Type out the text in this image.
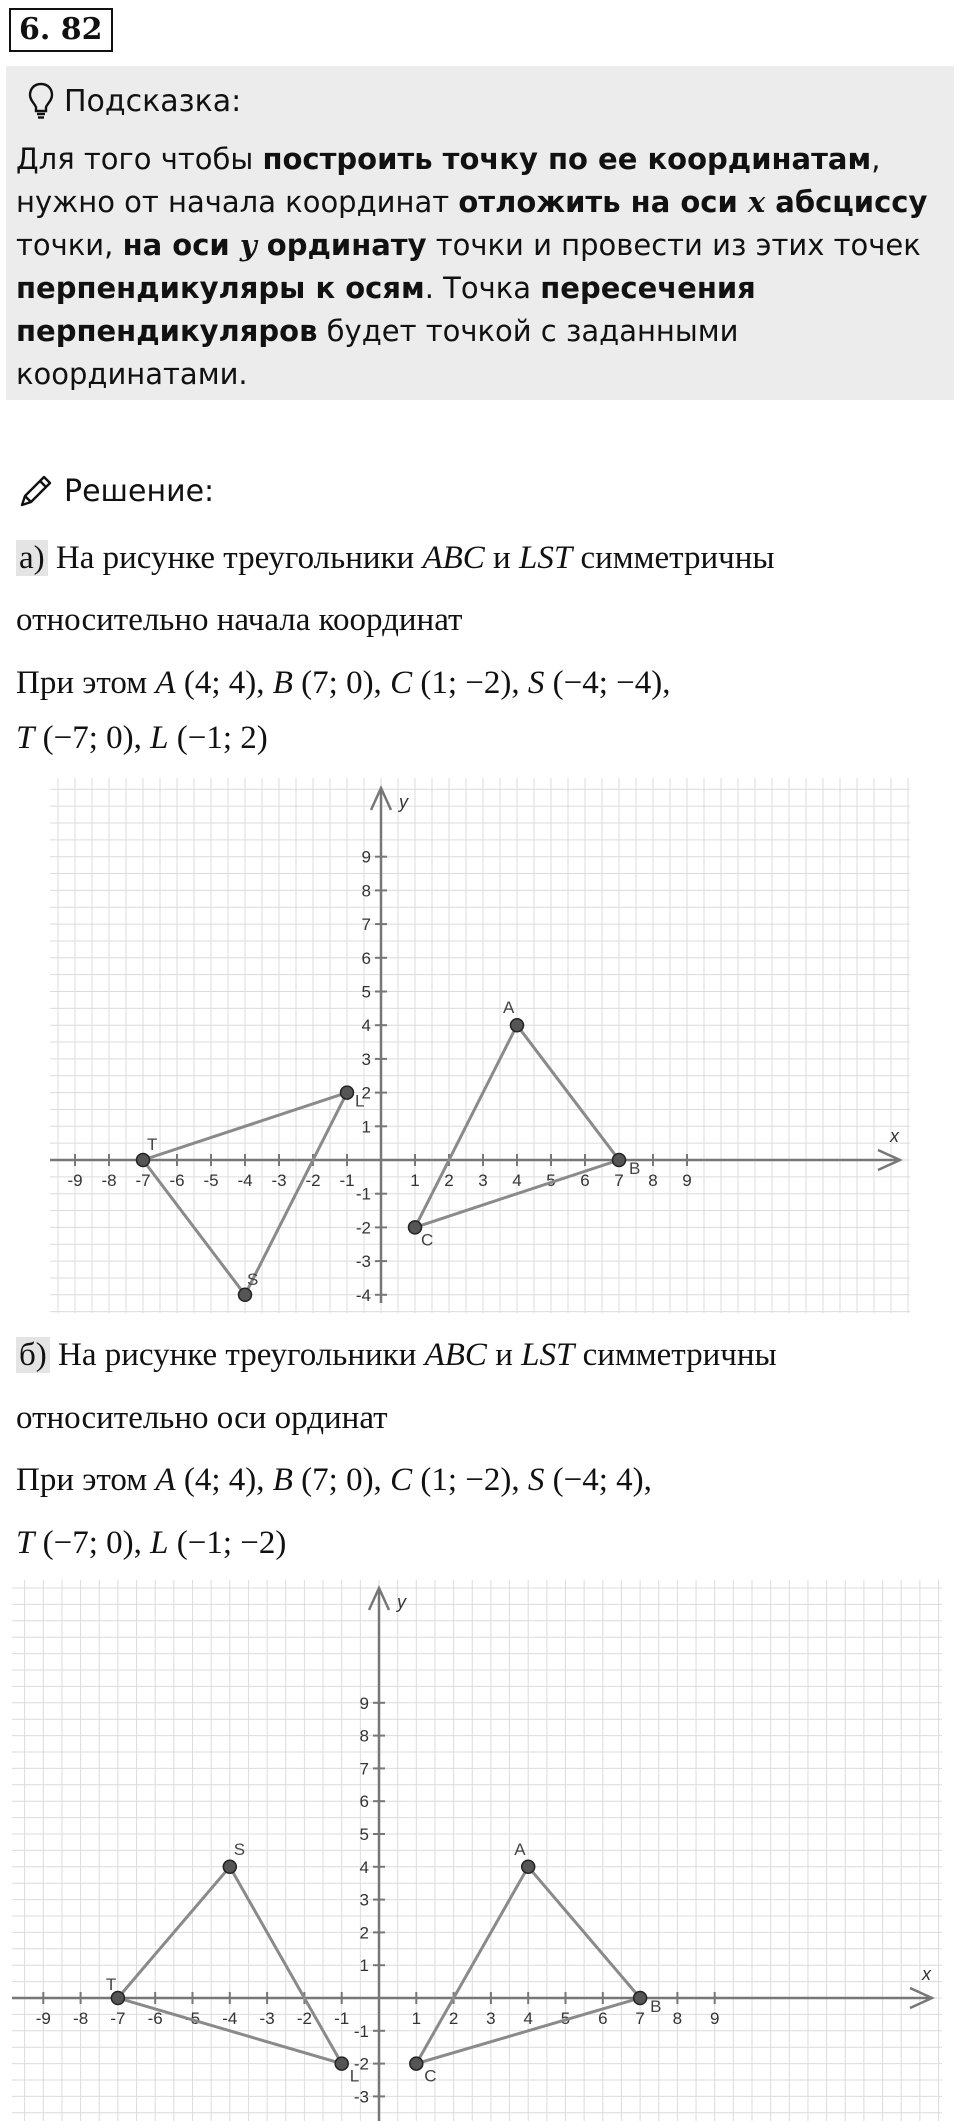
6. 82
Подсказка:
Для того чтобы построить точку по ее координатам, нужно от начала координат отложить на оси x абсциссу точки, на оси y ординату точки и провести из этих точек перпендикуляры к осям. Точка пересечения перпендикуляров будет точкой с заданными координатами.
Решение:
а) На рисунке треугольники ABC и LST симметричны
относительно начала координат
При этом A (4; 4), B (7; 0), C (1; −2), S (−4; −4),
T (−7; 0), L (−1; 2)
x
y
-9 -8 -7 -6 -5 -4 -3 -2 -1	1 2 3 4 5 6 7 8 9
9
8
7
6
5
4
3
2
1
-1
-2
-3
-4
A
B
C
L
S
T
б) На рисунке треугольники ABC и LST симметричны
относительно оси ординат
При этом A (4; 4), B (7; 0), C (1; −2), S (−4; 4),
T (−7; 0), L (−1; −2)
x
y
-9 -8 -7 -6 -5 -4 -3 -2 -1	1 2 3 4 5 6 7 8 9
9
8
7
6
5
4
3
2
1
-1
-2
-3
A
B
C
S
T
L
